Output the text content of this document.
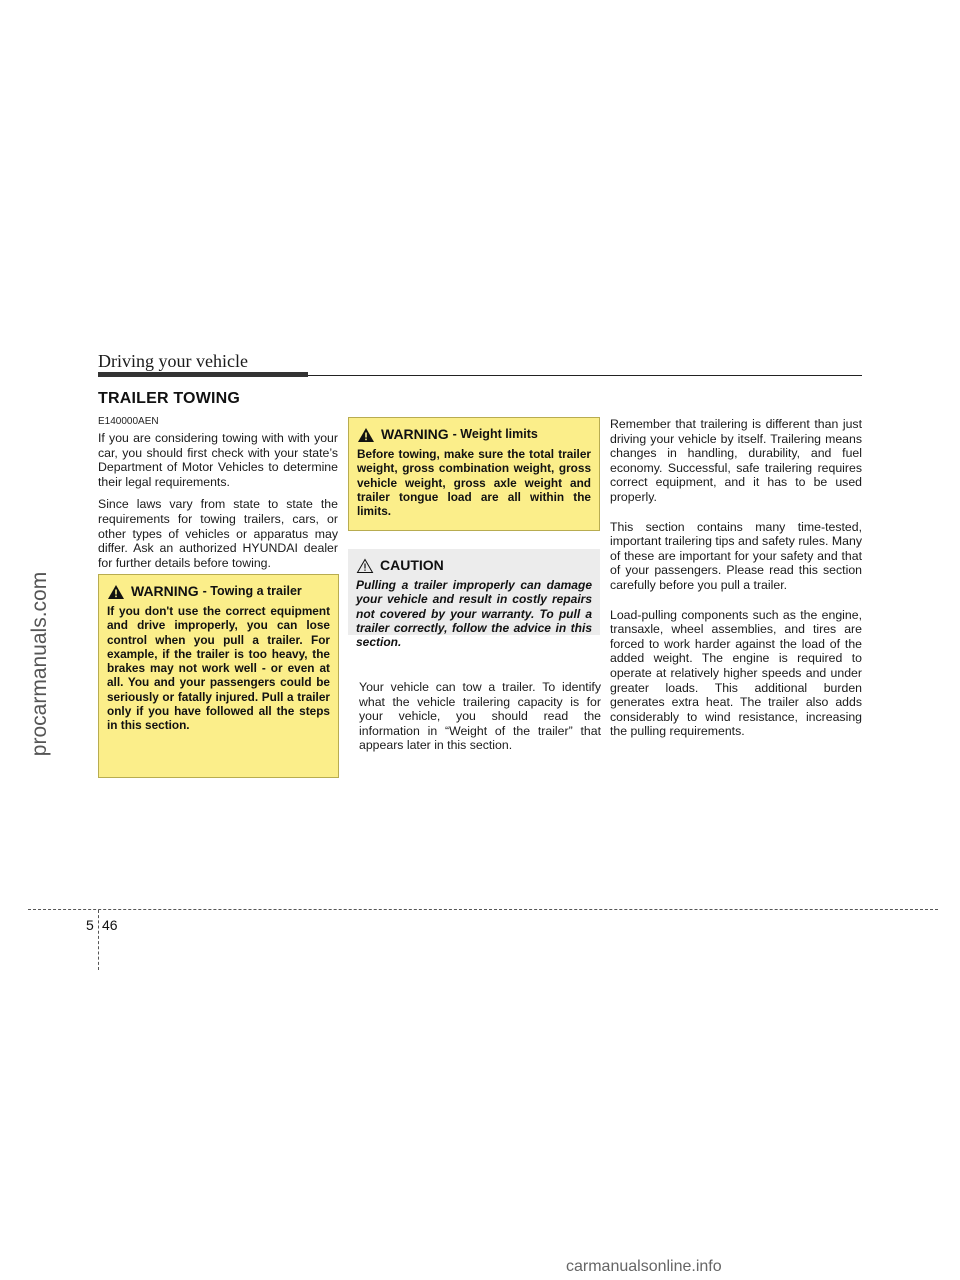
Driving your vehicle
TRAILER TOWING
E140000AEN

If you are considering towing with with your car, you should first check with your state’s Department of Motor Vehicles to determine their legal requirements.

Since laws vary from state to state the requirements for towing trailers, cars, or other types of vehicles or apparatus may differ. Ask an authorized HYUNDAI dealer for further details before towing.

WARNING - Towing a trailer
If you don't use the correct equipment and drive improperly, you can lose control when you pull a trailer. For example, if the trailer is too heavy, the brakes may not work well - or even at all. You and your passengers could be seriously or fatally injured. Pull a trailer only if you have followed all the steps in this section.
WARNING - Weight limits
Before towing, make sure the total trailer weight, gross combination weight, gross vehicle weight, gross axle weight and trailer tongue load are all within the limits.
CAUTION
Pulling a trailer improperly can damage your vehicle and result in costly repairs not covered by your warranty. To pull a trailer correctly, follow the advice in this section.

Your vehicle can tow a trailer. To identify what the vehicle trailering capacity is for your vehicle, you should read the information in “Weight of the trailer” that appears later in this section.

Remember that trailering is different than just driving your vehicle by itself. Trailering means changes in handling, durability, and fuel economy. Successful, safe trailering requires correct equipment, and it has to be used properly.

This section contains many time-tested, important trailering tips and safety rules. Many of these are important for your safety and that of your passengers. Please read this section carefully before you pull a trailer.

Load-pulling components such as the engine, transaxle, wheel assemblies, and tires are forced to work harder against the load of the added weight. The engine is required to operate at relatively higher speeds and under greater loads. This additional burden generates extra heat. The trailer also adds considerably to wind resistance, increasing the pulling requirements.

5 46
procarmanuals.com
carmanualsonline.info
